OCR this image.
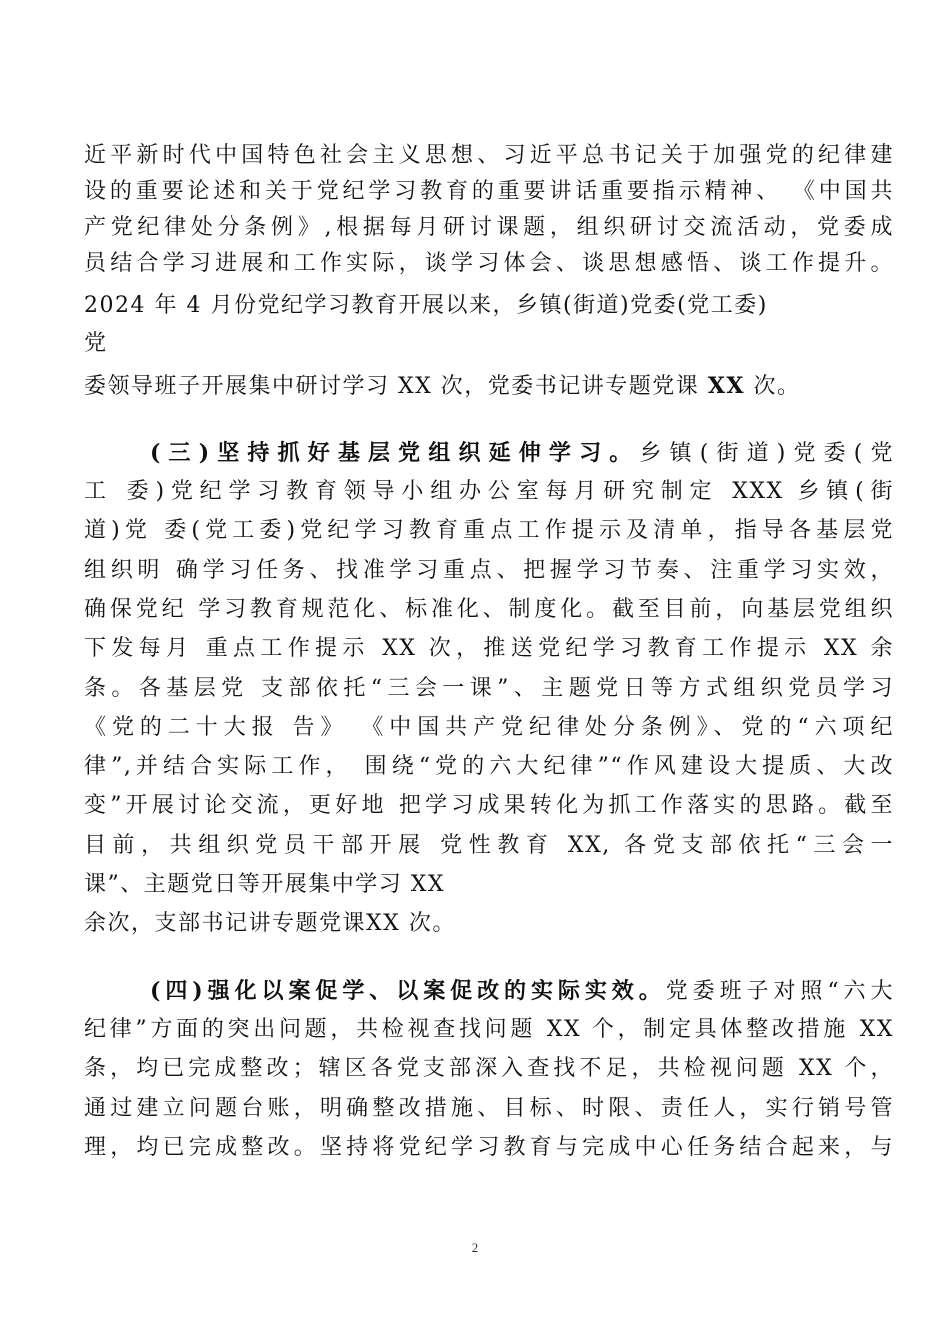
近平新时代中国特色社会主义思想、习近平总书记关于加强党的纪律建
设的重要论述和关于党纪学习教育的重要讲话重要指示精神、 《中国共
产党纪律处分条例》,根据每月研讨课题，组织研讨交流活动，党委成
员结合学习进展和工作实际，谈学习体会、谈思想感悟、谈工作提升。
2024 年 4 月份党纪学习教育开展以来，乡镇(街道)党委(党工委)
党
委领导班子开展集中研讨学习 XX 次，党委书记讲专题党课 XX 次。
(三)坚持抓好基层党组织延伸学习。乡镇(街道)党委(党
工 委)党纪学习教育领导小组办公室每月研究制定 XXX 乡镇(街
道)党 委(党工委)党纪学习教育重点工作提示及清单，指导各基层党
组织明 确学习任务、找准学习重点、把握学习节奏、注重学习实效，
确保党纪 学习教育规范化、标准化、制度化。截至目前，向基层党组织
下发每月 重点工作提示 XX 次，推送党纪学习教育工作提示 XX 余
条。各基层党 支部依托“三会一课”、主题党日等方式组织党员学习
《党的二十大报 告》 《中国共产党纪律处分条例》、党的“六项纪
律”,并结合实际工作， 围绕“党的六大纪律”“作风建设大提质、大改
变”开展讨论交流，更好地 把学习成果转化为抓工作落实的思路。截至
目前，共组织党员干部开展 党性教育 XX, 各党支部依托“三会一
课”、主题党日等开展集中学习 XX
余次，支部书记讲专题党课XX 次。
(四)强化以案促学、以案促改的实际实效。党委班子对照“六大
纪律”方面的突出问题，共检视查找问题 XX 个，制定具体整改措施 XX
条，均已完成整改；辖区各党支部深入查找不足，共检视问题 XX 个，
通过建立问题台账，明确整改措施、目标、时限、责任人，实行销号管
理，均已完成整改。坚持将党纪学习教育与完成中心任务结合起来，与
2
